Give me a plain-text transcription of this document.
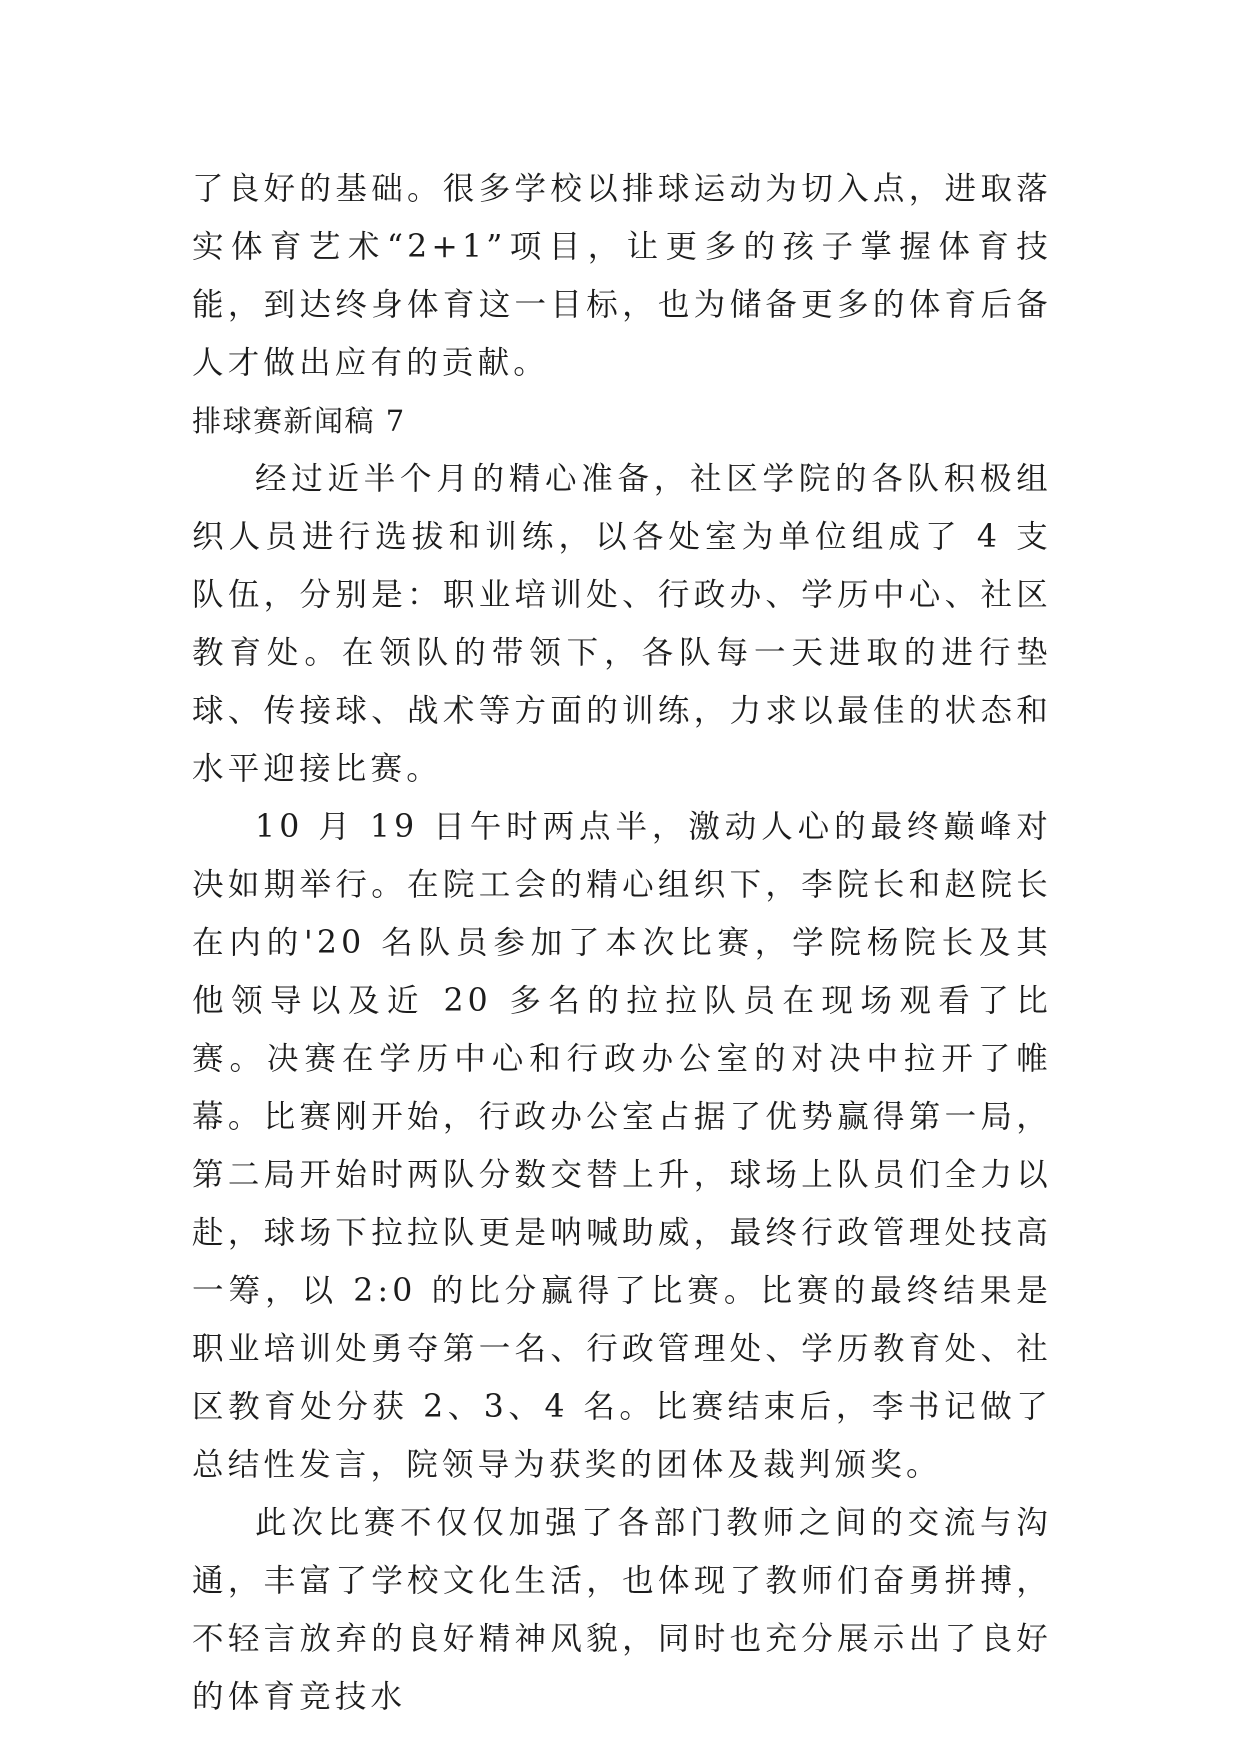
了良好的基础。很多学校以排球运动为切入点，进取落实体育艺术“2+1”项目，让更多的孩子掌握体育技能，到达终身体育这一目标，也为储备更多的体育后备人才做出应有的贡献。

排球赛新闻稿 7

经过近半个月的精心准备，社区学院的各队积极组织人员进行选拔和训练，以各处室为单位组成了 4 支队伍，分别是：职业培训处、行政办、学历中心、社区教育处。在领队的带领下，各队每一天进取的进行垫球、传接球、战术等方面的训练，力求以最佳的状态和水平迎接比赛。

10 月 19 日午时两点半，激动人心的最终巅峰对决如期举行。在院工会的精心组织下，李院长和赵院长在内的'20 名队员参加了本次比赛，学院杨院长及其他领导以及近 20 多名的拉拉队员在现场观看了比赛。决赛在学历中心和行政办公室的对决中拉开了帷幕。比赛刚开始，行政办公室占据了优势赢得第一局，第二局开始时两队分数交替上升，球场上队员们全力以赴，球场下拉拉队更是呐喊助威，最终行政管理处技高一筹，以 2:0 的比分赢得了比赛。比赛的最终结果是职业培训处勇夺第一名、行政管理处、学历教育处、社区教育处分获 2、3、4 名。比赛结束后，李书记做了总结性发言，院领导为获奖的团体及裁判颁奖。

此次比赛不仅仅加强了各部门教师之间的交流与沟通，丰富了学校文化生活，也体现了教师们奋勇拼搏，不轻言放弃的良好精神风貌，同时也充分展示出了良好的体育竞技水
